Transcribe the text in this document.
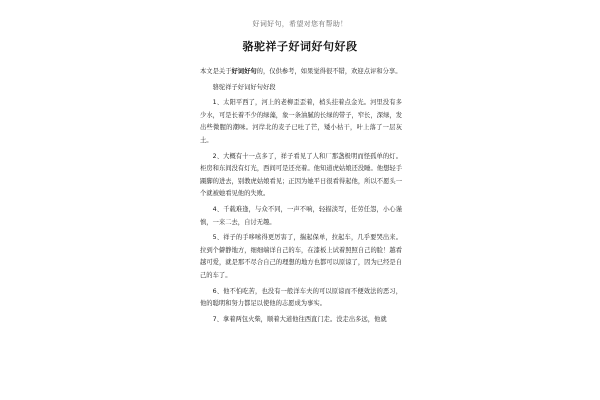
好词好句，希望对您有帮助！
骆驼祥子好词好句好段

本文是关于好词好句的，仅供参考，如果觉得很不错，欢迎点评和分享。

骆驼祥子好词好句好段

1、太阳平西了，河上的老柳歪歪着，梢头挂着点金光。河里没有多少水，可是长着不少的绿藻，象一条油腻的长绿的带子，窄长，深绿，发出些微腥的潮味。河岸北的麦子已吐了芒，矮小枯干，叶上落了一层灰土。

2、大概有十一点多了，祥子看见了人和厂那盏极明而怪孤单的灯。柜房和东间没有灯光，西间可是还亮着。他知道虎姑娘还没睡。他想轻手蹑脚的进去，别教虎姑娘看见；正因为她平日很看得起他，所以不愿头一个就被她看见他的失败。

4、千载难逢，与众不同，一声不响，轻描淡写，任劳任怨，小心谨慎，一来二去，自讨无趣。

5、祥子的手哆嗦得更厉害了，揣起保单，拉起车，几乎要哭出来。拉到个僻静地方，细细端详自己的车，在漆板上试着照照自己的脸！越看越可爱，就是那不尽合自己的理想的地方也都可以原谅了，因为已经是自己的车了。

6、他不怕吃苦，也没有一般洋车夫的可以原谅而不便效法的恶习，他的聪明和努力都足以使他的志愿成为事实。

7、拿着两包火柴，顺着大道他往西直门走。没走出多远，他就
